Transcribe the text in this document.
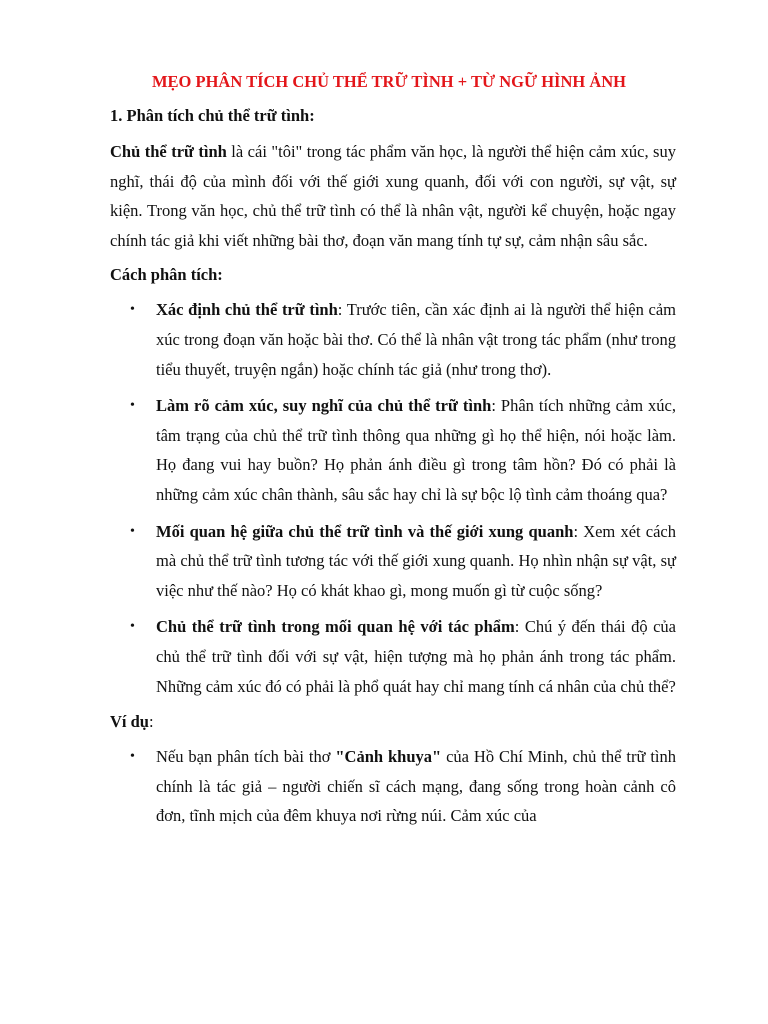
MẸO PHÂN TÍCH CHỦ THỂ TRỮ TÌNH + TỪ NGỮ HÌNH ẢNH
1. Phân tích chủ thể trữ tình:

Chủ thể trữ tình là cái "tôi" trong tác phẩm văn học, là người thể hiện cảm xúc, suy nghĩ, thái độ của mình đối với thế giới xung quanh, đối với con người, sự vật, sự kiện. Trong văn học, chủ thể trữ tình có thể là nhân vật, người kể chuyện, hoặc ngay chính tác giả khi viết những bài thơ, đoạn văn mang tính tự sự, cảm nhận sâu sắc.

Cách phân tích:
• Xác định chủ thể trữ tình: Trước tiên, cần xác định ai là người thể hiện cảm xúc trong đoạn văn hoặc bài thơ. Có thể là nhân vật trong tác phẩm (như trong tiểu thuyết, truyện ngắn) hoặc chính tác giả (như trong thơ).
• Làm rõ cảm xúc, suy nghĩ của chủ thể trữ tình: Phân tích những cảm xúc, tâm trạng của chủ thể trữ tình thông qua những gì họ thể hiện, nói hoặc làm. Họ đang vui hay buồn? Họ phản ánh điều gì trong tâm hồn? Đó có phải là những cảm xúc chân thành, sâu sắc hay chỉ là sự bộc lộ tình cảm thoáng qua?
• Mối quan hệ giữa chủ thể trữ tình và thế giới xung quanh: Xem xét cách mà chủ thể trữ tình tương tác với thế giới xung quanh. Họ nhìn nhận sự vật, sự việc như thế nào? Họ có khát khao gì, mong muốn gì từ cuộc sống?
• Chủ thể trữ tình trong mối quan hệ với tác phẩm: Chú ý đến thái độ của chủ thể trữ tình đối với sự vật, hiện tượng mà họ phản ánh trong tác phẩm. Những cảm xúc đó có phải là phổ quát hay chỉ mang tính cá nhân của chủ thể?
Ví dụ:
• Nếu bạn phân tích bài thơ "Cảnh khuya" của Hồ Chí Minh, chủ thể trữ tình chính là tác giả – người chiến sĩ cách mạng, đang sống trong hoàn cảnh cô đơn, tĩnh mịch của đêm khuya nơi rừng núi. Cảm xúc của
